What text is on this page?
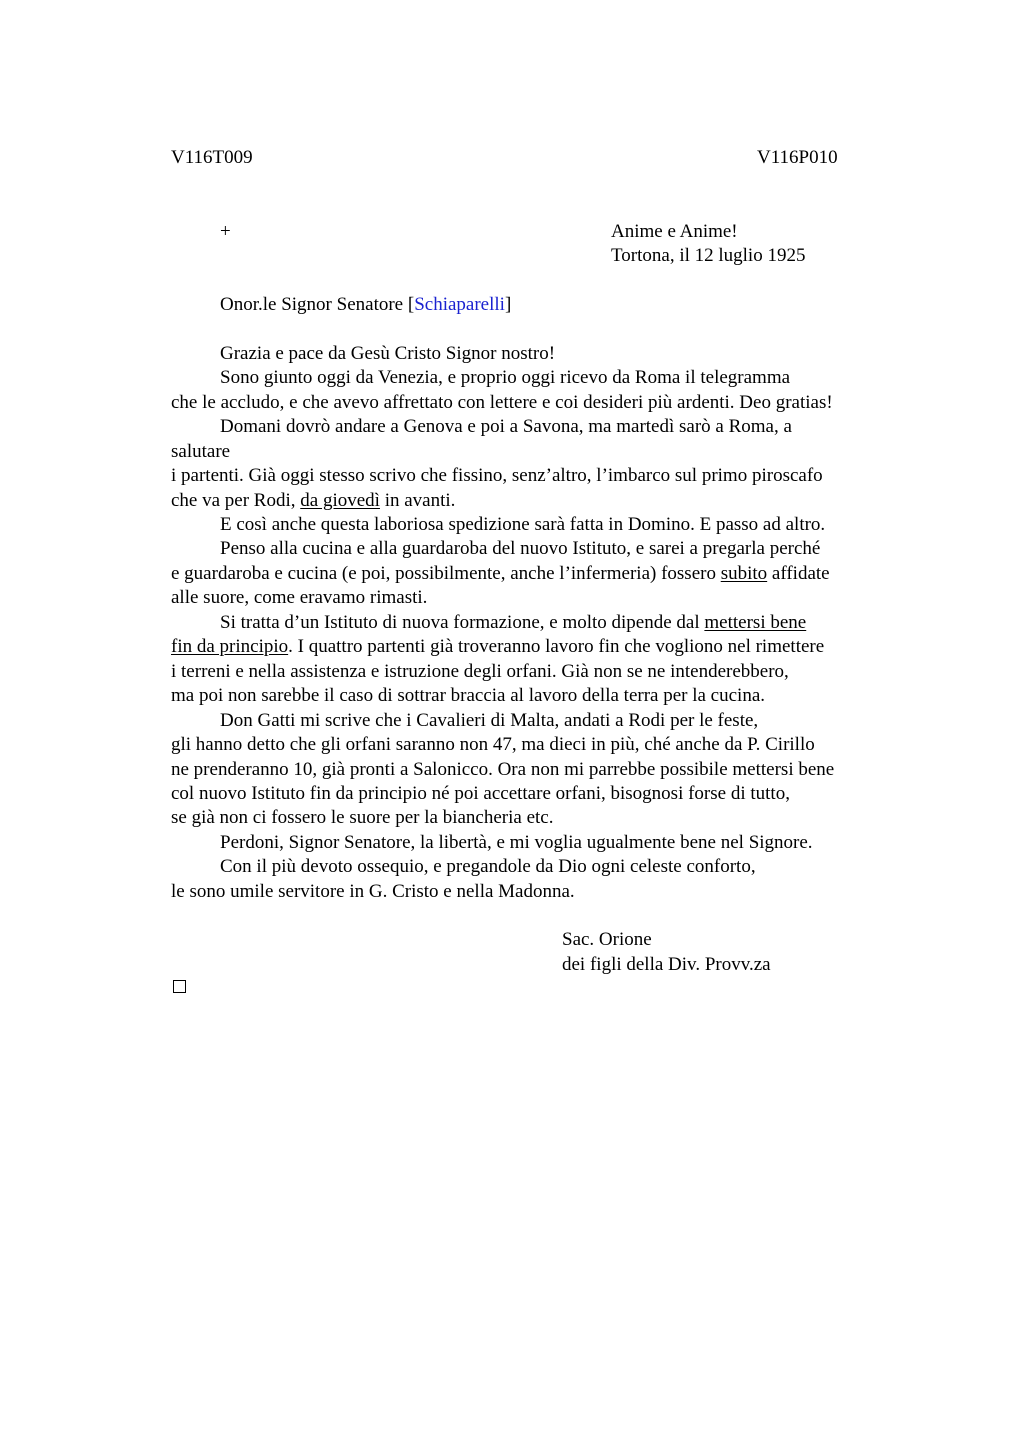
V116T009	V116P010
+	Anime e Anime!
Tortona, il 12 luglio 1925
Onor.le Signor Senatore [Schiaparelli]
Grazia e pace da Gesù Cristo Signor nostro!
Sono giunto oggi da Venezia, e proprio oggi ricevo da Roma il telegramma
che le accludo, e che avevo affrettato con lettere e coi desideri più ardenti. Deo gratias!
Domani dovrò andare a Genova e poi a Savona, ma martedì sarò a Roma, a
salutare
i partenti. Già oggi stesso scrivo che fissino, senz’altro, l’imbarco sul primo piroscafo
che va per Rodi, da giovedì in avanti.
E così anche questa laboriosa spedizione sarà fatta in Domino. E passo ad altro.
Penso alla cucina e alla guardaroba del nuovo Istituto, e sarei a pregarla perché
e guardaroba e cucina (e poi, possibilmente, anche l’infermeria) fossero subito affidate
alle suore, come eravamo rimasti.
Si tratta d’un Istituto di nuova formazione, e molto dipende dal mettersi bene
fin da principio. I quattro partenti già troveranno lavoro fin che vogliono nel rimettere
i terreni e nella assistenza e istruzione degli orfani. Già non se ne intenderebbero,
ma poi non sarebbe il caso di sottrar braccia al lavoro della terra per la cucina.
Don Gatti mi scrive che i Cavalieri di Malta, andati a Rodi per le feste,
gli hanno detto che gli orfani saranno non 47, ma dieci in più, ché anche da P. Cirillo
ne prenderanno 10, già pronti a Salonicco. Ora non mi parrebbe possibile mettersi bene
col nuovo Istituto fin da principio né poi accettare orfani, bisognosi forse di tutto,
se già non ci fossero le suore per la biancheria etc.
Perdoni, Signor Senatore, la libertà, e mi voglia ugualmente bene nel Signore.
Con il più devoto ossequio, e pregandole da Dio ogni celeste conforto,
le sono umile servitore in G. Cristo e nella Madonna.
Sac. Orione
dei figli della Div. Provv.za
